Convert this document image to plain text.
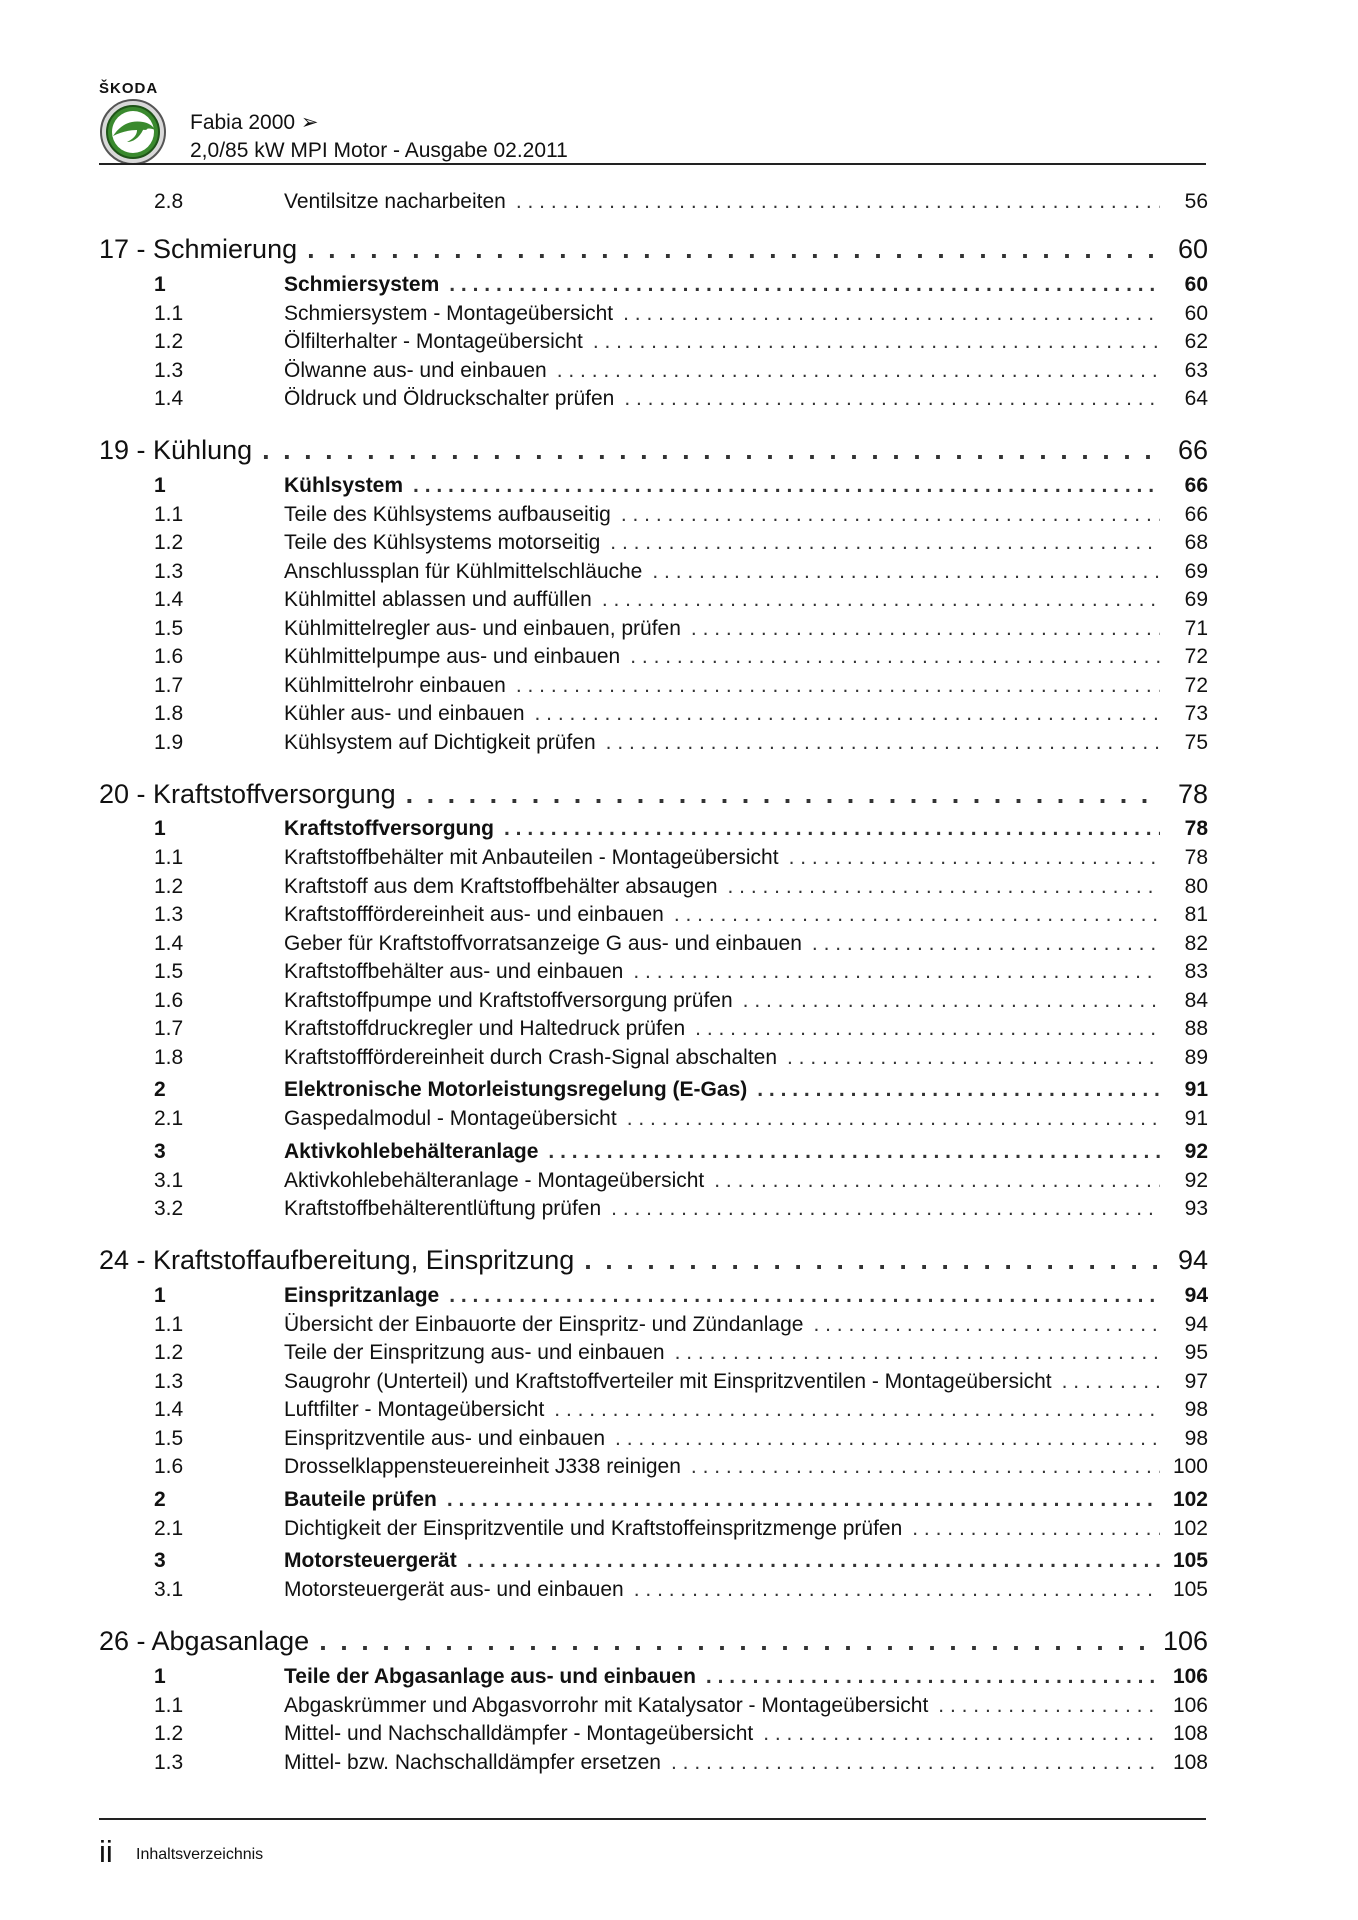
ŠKODA
Fabia 2000 ➢
2,0/85 kW MPI Motor - Ausgabe 02.2011
2.8	Ventilsitze nacharbeiten . . .	56
17 - Schmierung . . .	60
1	Schmiersystem . . .	60
1.1	Schmiersystem - Montageübersicht . . .	60
1.2	Ölfilterhalter - Montageübersicht . . .	62
1.3	Ölwanne aus- und einbauen . . .	63
1.4	Öldruck und Öldruckschalter prüfen . . .	64
19 - Kühlung . . .	66
1	Kühlsystem . . .	66
1.1	Teile des Kühlsystems aufbauseitig . . .	66
1.2	Teile des Kühlsystems motorseitig . . .	68
1.3	Anschlussplan für Kühlmittelschläuche . . .	69
1.4	Kühlmittel ablassen und auffüllen . . .	69
1.5	Kühlmittelregler aus- und einbauen, prüfen . . .	71
1.6	Kühlmittelpumpe aus- und einbauen . . .	72
1.7	Kühlmittelrohr einbauen . . .	72
1.8	Kühler aus- und einbauen . . .	73
1.9	Kühlsystem auf Dichtigkeit prüfen . . .	75
20 - Kraftstoffversorgung . . .	78
1	Kraftstoffversorgung . . .	78
1.1	Kraftstoffbehälter mit Anbauteilen - Montageübersicht . . .	78
1.2	Kraftstoff aus dem Kraftstoffbehälter absaugen . . .	80
1.3	Kraftstofffördereinheit aus- und einbauen . . .	81
1.4	Geber für Kraftstoffvorratsanzeige G aus- und einbauen . . .	82
1.5	Kraftstoffbehälter aus- und einbauen . . .	83
1.6	Kraftstoffpumpe und Kraftstoffversorgung prüfen . . .	84
1.7	Kraftstoffdruckregler und Haltedruck prüfen . . .	88
1.8	Kraftstofffördereinheit durch Crash-Signal abschalten . . .	89
2	Elektronische Motorleistungsregelung (E-Gas) . . .	91
2.1	Gaspedalmodul - Montageübersicht . . .	91
3	Aktivkohlebehälteranlage . . .	92
3.1	Aktivkohlebehälteranlage - Montageübersicht . . .	92
3.2	Kraftstoffbehälterentlüftung prüfen . . .	93
24 - Kraftstoffaufbereitung, Einspritzung . . .	94
1	Einspritzanlage . . .	94
1.1	Übersicht der Einbauorte der Einspritz- und Zündanlage . . .	94
1.2	Teile der Einspritzung aus- und einbauen . . .	95
1.3	Saugrohr (Unterteil) und Kraftstoffverteiler mit Einspritzventilen - Montageübersicht . . .	97
1.4	Luftfilter - Montageübersicht . . .	98
1.5	Einspritzventile aus- und einbauen . . .	98
1.6	Drosselklappensteuereinheit J338 reinigen . . .	100
2	Bauteile prüfen . . .	102
2.1	Dichtigkeit der Einspritzventile und Kraftstoffeinspritzmenge prüfen . . .	102
3	Motorsteuergerät . . .	105
3.1	Motorsteuergerät aus- und einbauen . . .	105
26 - Abgasanlage . . .	106
1	Teile der Abgasanlage aus- und einbauen . . .	106
1.1	Abgaskrümmer und Abgasvorrohr mit Katalysator - Montageübersicht . . .	106
1.2	Mittel- und Nachschalldämpfer - Montageübersicht . . .	108
1.3	Mittel- bzw. Nachschalldämpfer ersetzen . . .	108
ii Inhaltsverzeichnis
